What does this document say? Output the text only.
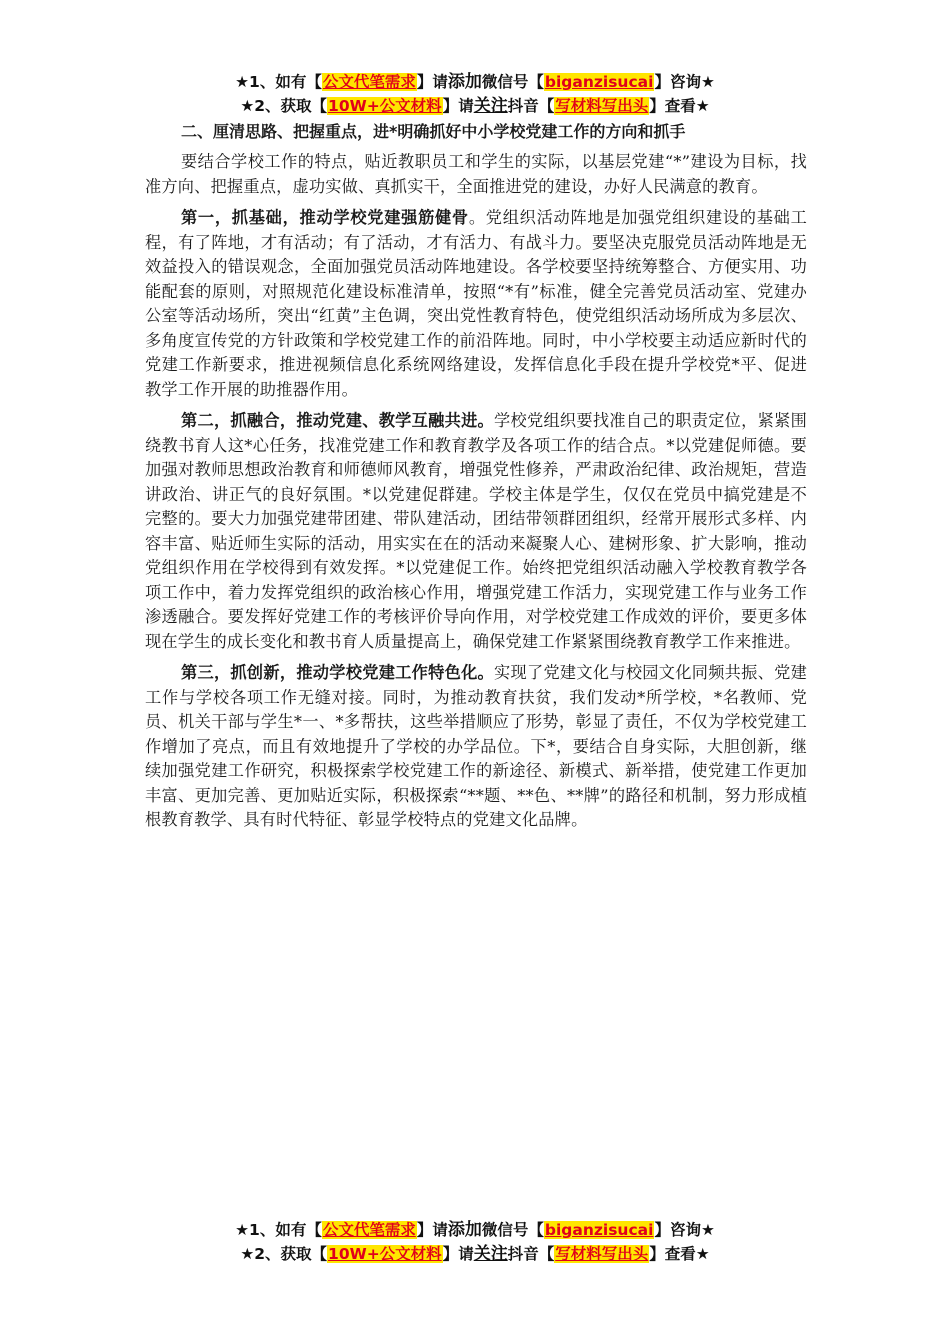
★1、如有【公文代笔需求】请添加微信号【biganzisucai】咨询★
★2、获取【10W+公文材料】请关注抖音【写材料写出头】查看★
二、厘清思路、把握重点，进*明确抓好中小学校党建工作的方向和抓手

要结合学校工作的特点，贴近教职员工和学生的实际，以基层党建“*”建设为目标，找准方向、把握重点，虚功实做、真抓实干，全面推进党的建设，办好人民满意的教育。

第一，抓基础，推动学校党建强筋健骨。党组织活动阵地是加强党组织建设的基础工程，有了阵地，才有活动；有了活动，才有活力、有战斗力。要坚决克服党员活动阵地是无效益投入的错误观念，全面加强党员活动阵地建设。各学校要坚持统筹整合、方便实用、功能配套的原则，对照规范化建设标准清单，按照“*有”标准，健全完善党员活动室、党建办公室等活动场所，突出“红黄”主色调，突出党性教育特色，使党组织活动场所成为多层次、多角度宣传党的方针政策和学校党建工作的前沿阵地。同时，中小学校要主动适应新时代的党建工作新要求，推进视频信息化系统网络建设，发挥信息化手段在提升学校党*平、促进教学工作开展的助推器作用。

第二，抓融合，推动党建、教学互融共进。学校党组织要找准自己的职责定位，紧紧围绕教书育人这*心任务，找准党建工作和教育教学及各项工作的结合点。*以党建促师德。要加强对教师思想政治教育和师德师风教育，增强党性修养，严肃政治纪律、政治规矩，营造讲政治、讲正气的良好氛围。*以党建促群建。学校主体是学生，仅仅在党员中搞党建是不完整的。要大力加强党建带团建、带队建活动，团结带领群团组织，经常开展形式多样、内容丰富、贴近师生实际的活动，用实实在在的活动来凝聚人心、建树形象、扩大影响，推动党组织作用在学校得到有效发挥。*以党建促工作。始终把党组织活动融入学校教育教学各项工作中，着力发挥党组织的政治核心作用，增强党建工作活力，实现党建工作与业务工作渗透融合。要发挥好党建工作的考核评价导向作用，对学校党建工作成效的评价，要更多体现在学生的成长变化和教书育人质量提高上，确保党建工作紧紧围绕教育教学工作来推进。

第三，抓创新，推动学校党建工作特色化。实现了党建文化与校园文化同频共振、党建工作与学校各项工作无缝对接。同时，为推动教育扶贫，我们发动*所学校，*名教师、党员、机关干部与学生*一、*多帮扶，这些举措顺应了形势，彰显了责任，不仅为学校党建工作增加了亮点，而且有效地提升了学校的办学品位。下*，要结合自身实际，大胆创新，继续加强党建工作研究，积极探索学校党建工作的新途径、新模式、新举措，使党建工作更加丰富、更加完善、更加贴近实际，积极探索“**题、**色、**牌”的路径和机制，努力形成植根教育教学、具有时代特征、彰显学校特点的党建文化品牌。

★1、如有【公文代笔需求】请添加微信号【biganzisucai】咨询★
★2、获取【10W+公文材料】请关注抖音【写材料写出头】查看★
